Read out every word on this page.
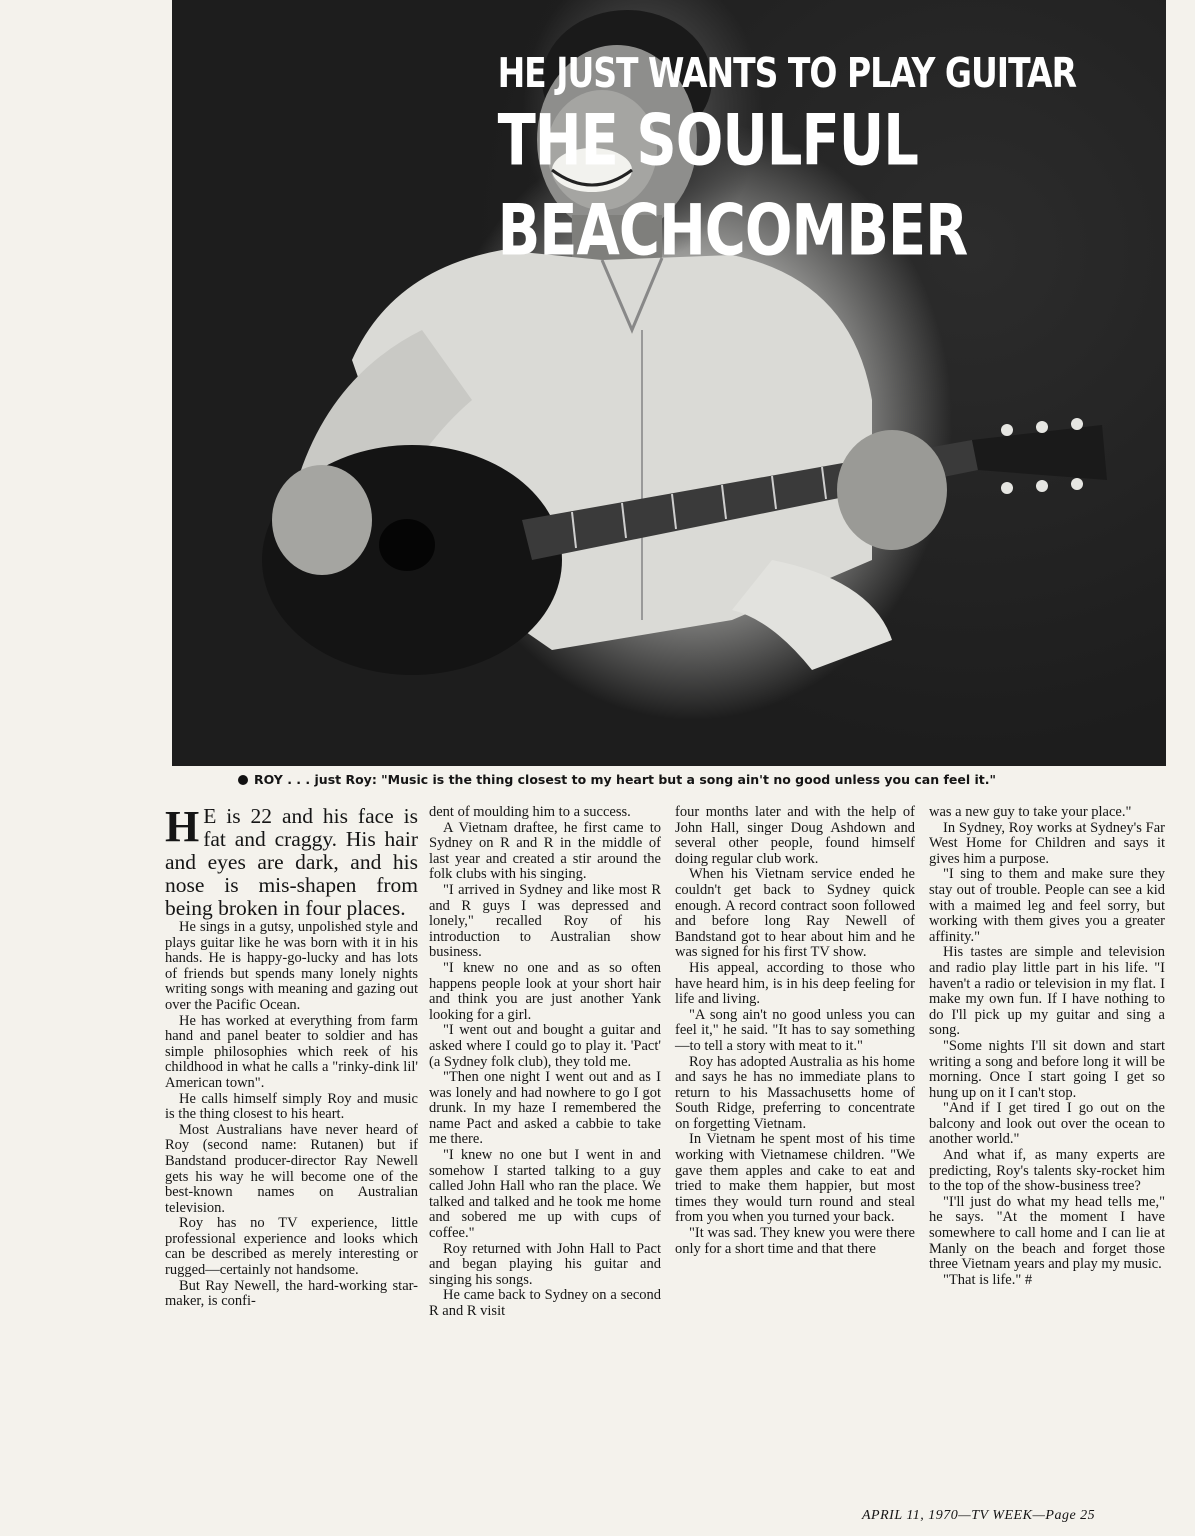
HE JUST WANTS TO PLAY GUITAR
THE SOULFUL
BEACHCOMBER
ROY . . . just Roy: "Music is the thing closest to my heart but a song ain't no good unless you can feel it."

H E is 22 and his face is fat and craggy. His hair and eyes are dark, and his nose is mis-shapen from being broken in four places.

He sings in a gutsy, unpolished style and plays guitar like he was born with it in his hands. He is happy-go-lucky and has lots of friends but spends many lonely nights writing songs with meaning and gazing out over the Pacific Ocean.

He has worked at everything from farm hand and panel beater to soldier and has simple philosophies which reek of his childhood in what he calls a "rinky-dink lil' American town".

He calls himself simply Roy and music is the thing closest to his heart.

Most Australians have never heard of Roy (second name: Rutanen) but if Bandstand producer-director Ray Newell gets his way he will become one of the best-known names on Australian television.

Roy has no TV experience, little professional experience and looks which can be described as merely interesting or rugged—certainly not handsome.

But Ray Newell, the hard-working star-maker, is confi-

dent of moulding him to a success.

A Vietnam draftee, he first came to Sydney on R and R in the middle of last year and created a stir around the folk clubs with his singing.

"I arrived in Sydney and like most R and R guys I was depressed and lonely," recalled Roy of his introduction to Australian show business.

"I knew no one and as so often happens people look at your short hair and think you are just another Yank looking for a girl.

"I went out and bought a guitar and asked where I could go to play it. 'Pact' (a Sydney folk club), they told me.

"Then one night I went out and as I was lonely and had nowhere to go I got drunk. In my haze I remembered the name Pact and asked a cabbie to take me there.

"I knew no one but I went in and somehow I started talking to a guy called John Hall who ran the place. We talked and talked and he took me home and sobered me up with cups of coffee."

Roy returned with John Hall to Pact and began playing his guitar and singing his songs.

He came back to Sydney on a second R and R visit

four months later and with the help of John Hall, singer Doug Ashdown and several other people, found himself doing regular club work.

When his Vietnam service ended he couldn't get back to Sydney quick enough. A record contract soon followed and before long Ray Newell of Bandstand got to hear about him and he was signed for his first TV show.

His appeal, according to those who have heard him, is in his deep feeling for life and living.

"A song ain't no good unless you can feel it," he said. "It has to say something—to tell a story with meat to it."

Roy has adopted Australia as his home and says he has no immediate plans to return to his Massachusetts home of South Ridge, preferring to concentrate on forgetting Vietnam.

In Vietnam he spent most of his time working with Vietnamese children. "We gave them apples and cake to eat and tried to make them happier, but most times they would turn round and steal from you when you turned your back.

"It was sad. They knew you were there only for a short time and that there

was a new guy to take your place."

In Sydney, Roy works at Sydney's Far West Home for Children and says it gives him a purpose.

"I sing to them and make sure they stay out of trouble. People can see a kid with a maimed leg and feel sorry, but working with them gives you a greater affinity."

His tastes are simple and television and radio play little part in his life. "I haven't a radio or television in my flat. I make my own fun. If I have nothing to do I'll pick up my guitar and sing a song.

"Some nights I'll sit down and start writing a song and before long it will be morning. Once I start going I get so hung up on it I can't stop.

"And if I get tired I go out on the balcony and look out over the ocean to another world."

And what if, as many experts are predicting, Roy's talents sky-rocket him to the top of the show-business tree?

"I'll just do what my head tells me," he says. "At the moment I have somewhere to call home and I can lie at Manly on the beach and forget those three Vietnam years and play my music.

"That is life." #

APRIL 11, 1970—TV WEEK—Page 25
